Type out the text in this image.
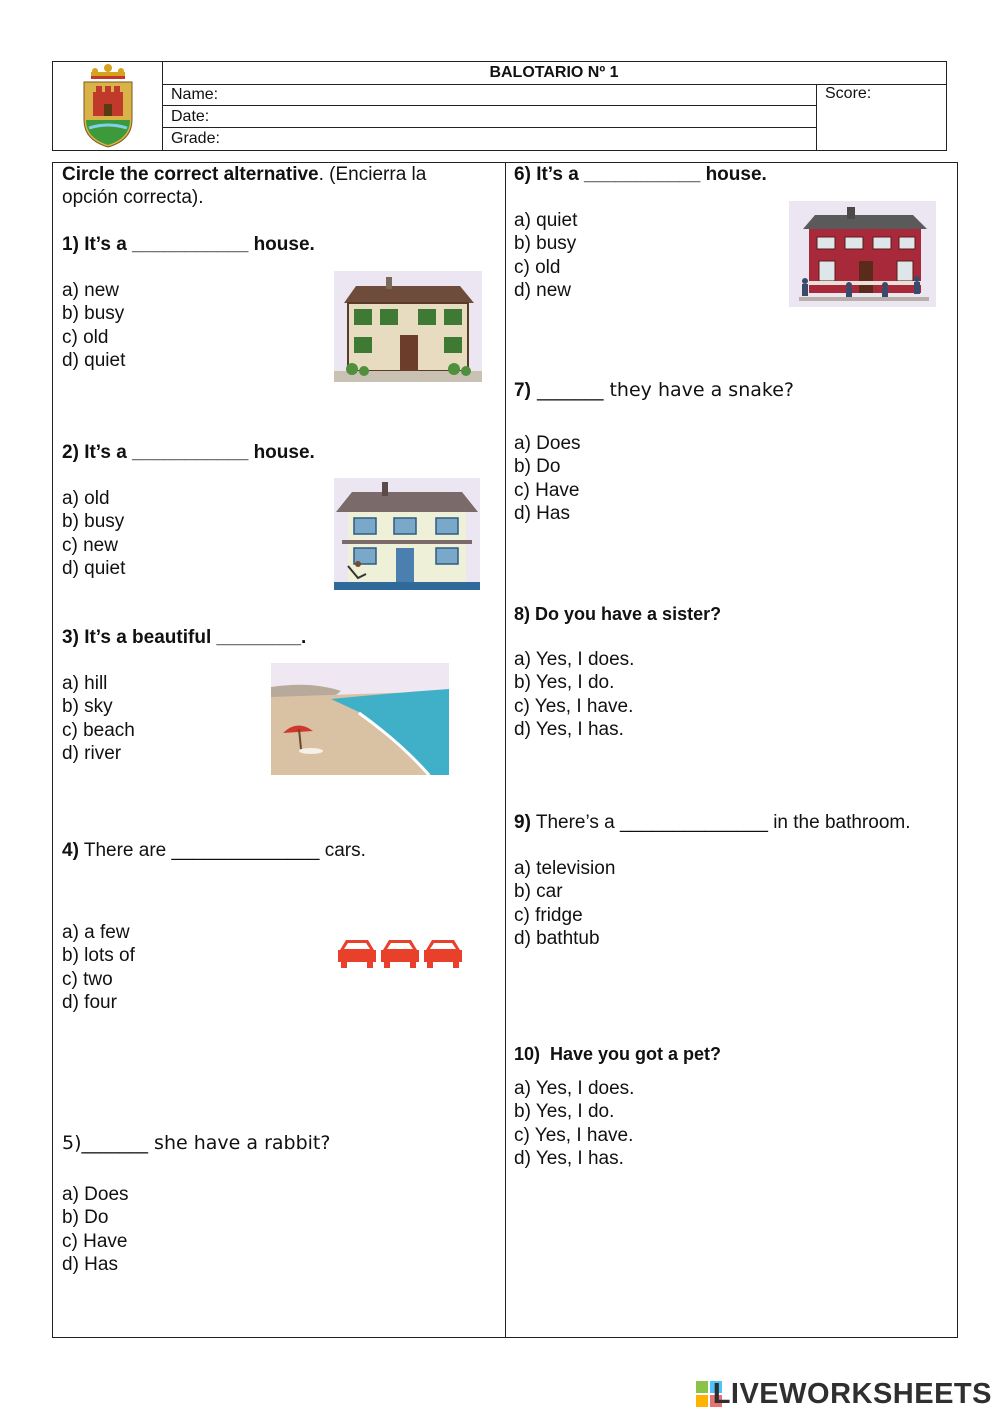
BALOTARIO Nº 1
Name:
Date:
Grade:
Score:
Circle the correct alternative. (Encierra la
opción correcta).
1) It’s a ___________ house.
a) new
b) busy
c) old
d) quiet
2) It’s a ___________ house.
a) old
b) busy
c) new
d) quiet
3) It’s a beautiful ________.
a) hill
b) sky
c) beach
d) river
4) There are ______________ cars.
a) a few
b) lots of
c) two
d) four
5)_______ she have a rabbit?
a) Does
b) Do
c) Have
d) Has
6) It’s a ___________ house.
a) quiet
b) busy
c) old
d) new
7) _______ they have a snake?
a) Does
b) Do
c) Have
d) Has
8) Do you have a sister?
a) Yes, I does.
b) Yes, I do.
c) Yes, I have.
d) Yes, I has.
9) There’s a ______________ in the bathroom.
a) television
b) car
c) fridge
d) bathtub
10)  Have you got a pet?
a) Yes, I does.
b) Yes, I do.
c) Yes, I have.
d) Yes, I has.
LIVEWORKSHEETS
